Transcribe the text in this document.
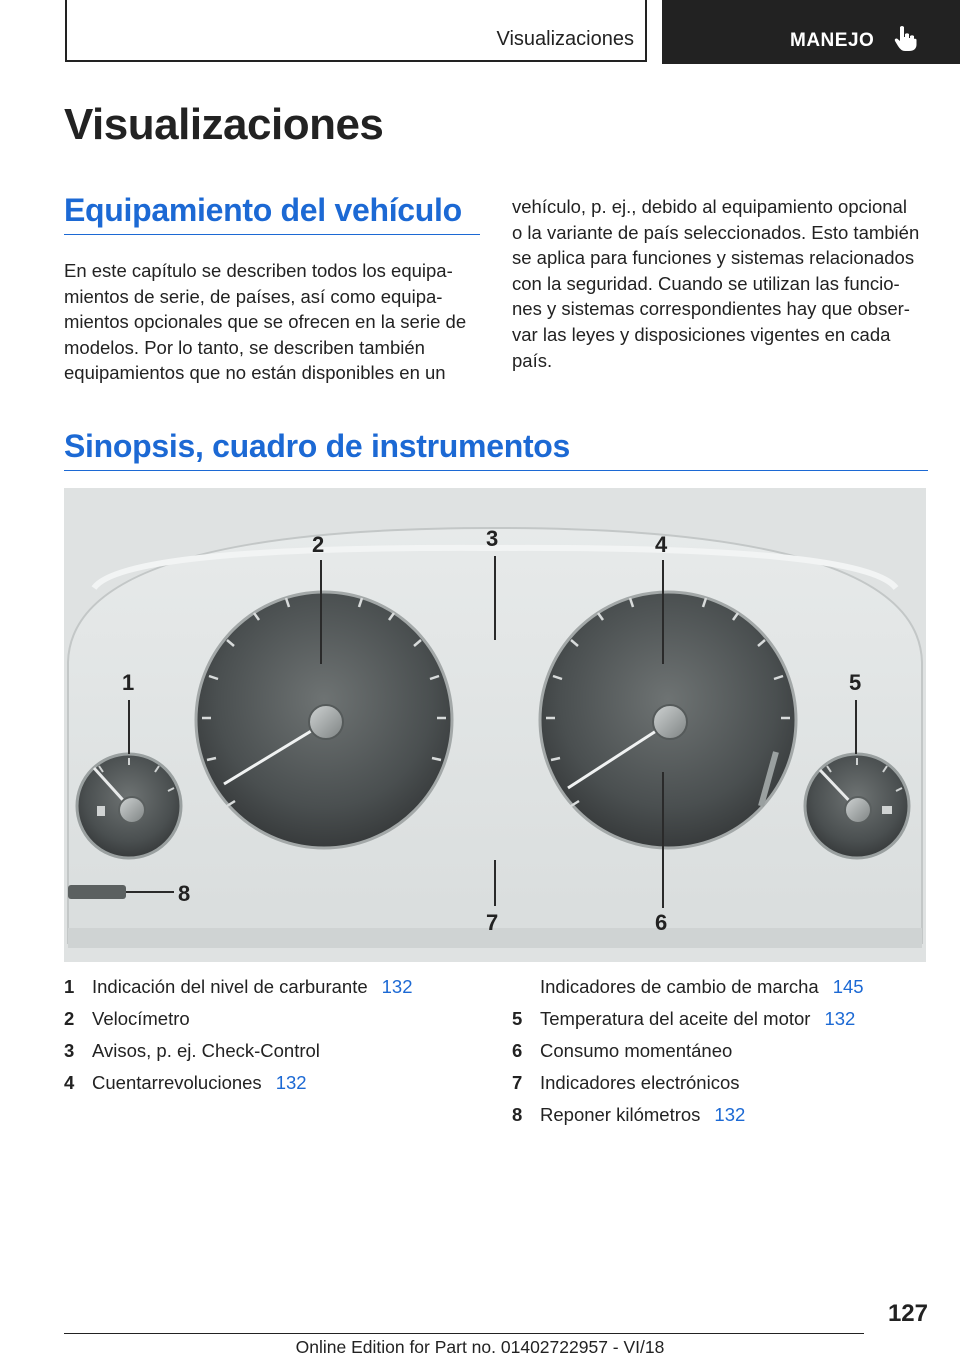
Visualizaciones	MANEJO
Visualizaciones
Equipamiento del vehículo
En este capítulo se describen todos los equipa-
mientos de serie, de países, así como equipa-
mientos opcionales que se ofrecen en la serie de
modelos. Por lo tanto, se describen también
equipamientos que no están disponibles en un
vehículo, p. ej., debido al equipamiento opcional
o la variante de país seleccionados. Esto también
se aplica para funciones y sistemas relacionados
con la seguridad. Cuando se utilizan las funcio-
nes y sistemas correspondientes hay que obser-
var las leyes y disposiciones vigentes en cada
país.
Sinopsis, cuadro de instrumentos
1
2	3	4
5
6
7
8
1 Indicación del nivel de carburante 132
2 Velocímetro
3 Avisos, p. ej. Check-Control
4 Cuentarrevoluciones 132
Indicadores de cambio de marcha 145
5 Temperatura del aceite del motor 132
6 Consumo momentáneo
7 Indicadores electrónicos
8 Reponer kilómetros 132
127
Online Edition for Part no. 01402722957 - VI/18
